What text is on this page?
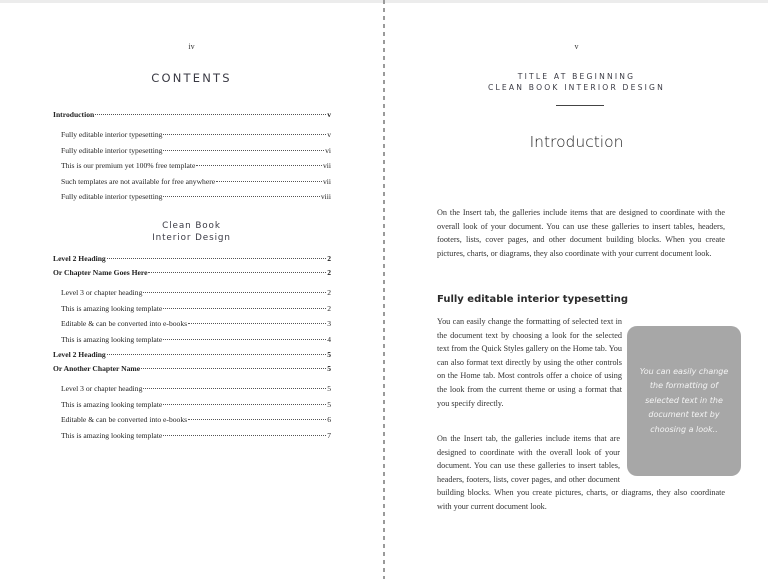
iv
CONTENTS
Introduction	v
Fully editable interior typesetting	v
Fully editable interior typesetting	vi
This is our premium yet 100% free template	vii
Such templates are not available for free anywhere	vii
Fully editable interior typesetting	viii
Clean Book
Interior Design
Level 2 Heading	2
Or Chapter Name Goes Here	2
Level 3 or chapter heading	2
This is amazing looking template	2
Editable & can be converted into e-books	3
This is amazing looking template	4
Level 2 Heading	5
Or Another Chapter Name	5
Level 3 or chapter heading	5
This is amazing looking template	5
Editable & can be converted into e-books	6
This is amazing looking template	7
v
TITLE AT BEGINNING
CLEAN BOOK INTERIOR DESIGN
Introduction
On the Insert tab, the galleries include items that are designed to coordinate with the overall look of your document. You can use these galleries to insert tables, headers, footers, lists, cover pages, and other document building blocks. When you create pictures, charts, or diagrams, they also coordinate with your current document look.
Fully editable interior typesetting
You can easily change the formatting of selected text in the document text by choosing a look for the selected text from the Quick Styles gallery on the Home tab. You can also format text directly by using the other controls on the Home tab. Most controls offer a choice of using the look from the current theme or using a format that you specify directly.
On the Insert tab, the galleries include items that are designed to coordinate with the overall look of your document. You can use these galleries to insert tables, headers, footers, lists, cover pages, and other document building blocks. When you create pictures, charts, or diagrams, they also coordinate with your current document look.
You can easily change the formatting of selected text in the document text by choosing a look..
